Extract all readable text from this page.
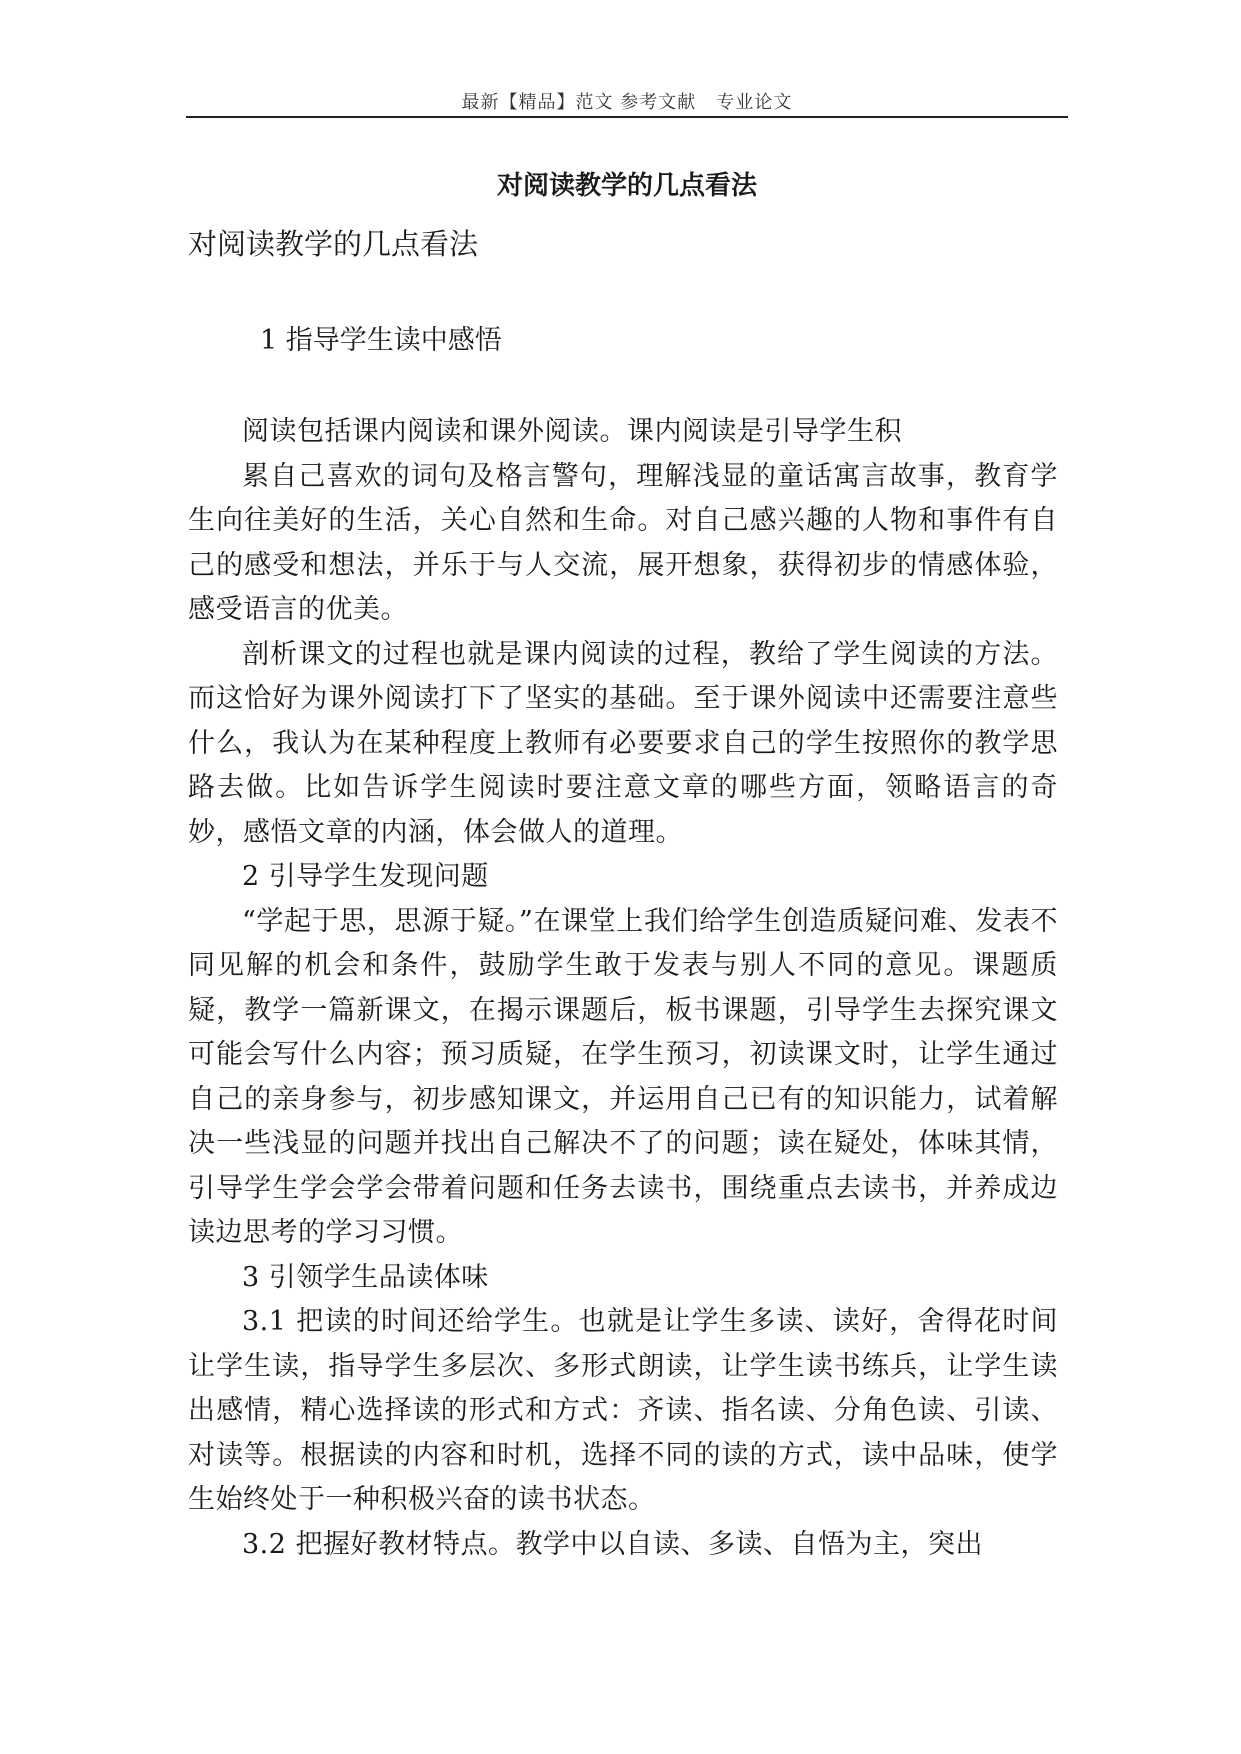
最新【精品】范文 参考文献   专业论文
对阅读教学的几点看法
对阅读教学的几点看法
1 指导学生读中感悟

阅读包括课内阅读和课外阅读。课内阅读是引导学生积

累自己喜欢的词句及格言警句，理解浅显的童话寓言故事，教育学生向往美好的生活，关心自然和生命。对自己感兴趣的人物和事件有自己的感受和想法，并乐于与人交流，展开想象，获得初步的情感体验，感受语言的优美。

剖析课文的过程也就是课内阅读的过程，教给了学生阅读的方法。而这恰好为课外阅读打下了坚实的基础。至于课外阅读中还需要注意些什么，我认为在某种程度上教师有必要要求自己的学生按照你的教学思路去做。比如告诉学生阅读时要注意文章的哪些方面，领略语言的奇妙，感悟文章的内涵，体会做人的道理。

2 引导学生发现问题

“学起于思，思源于疑。”在课堂上我们给学生创造质疑问难、发表不同见解的机会和条件，鼓励学生敢于发表与别人不同的意见。课题质疑，教学一篇新课文，在揭示课题后，板书课题，引导学生去探究课文可能会写什么内容；预习质疑，在学生预习，初读课文时，让学生通过自己的亲身参与，初步感知课文，并运用自己已有的知识能力，试着解决一些浅显的问题并找出自己解决不了的问题；读在疑处，体味其情，引导学生学会学会带着问题和任务去读书，围绕重点去读书，并养成边读边思考的学习习惯。

3 引领学生品读体味

3.1 把读的时间还给学生。也就是让学生多读、读好，舍得花时间让学生读，指导学生多层次、多形式朗读，让学生读书练兵，让学生读出感情，精心选择读的形式和方式：齐读、指名读、分角色读、引读、对读等。根据读的内容和时机，选择不同的读的方式，读中品味，使学生始终处于一种积极兴奋的读书状态。

3.2 把握好教材特点。教学中以自读、多读、自悟为主，突出
